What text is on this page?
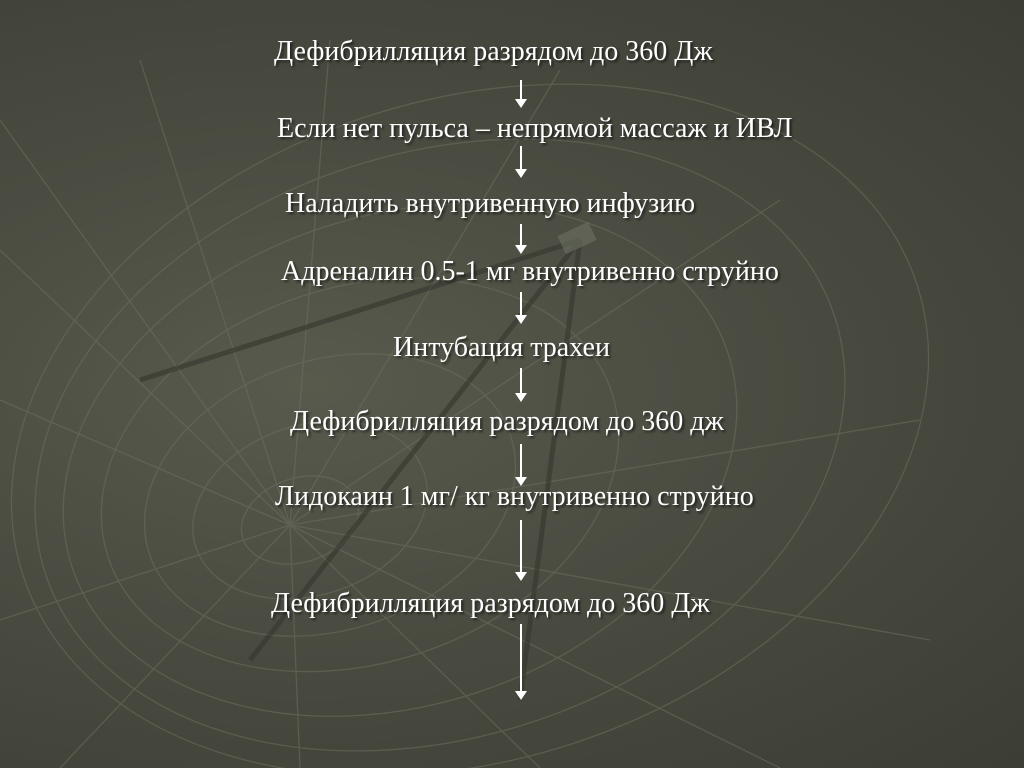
Дефибрилляция разрядом до 360 Дж
Если нет пульса – непрямой массаж и ИВЛ
Наладить внутривенную инфузию
Адреналин 0.5-1 мг внутривенно струйно
Интубация трахеи
Дефибрилляция разрядом до 360 дж
Лидокаин 1 мг/ кг внутривенно струйно
Дефибрилляция разрядом до 360 Дж
